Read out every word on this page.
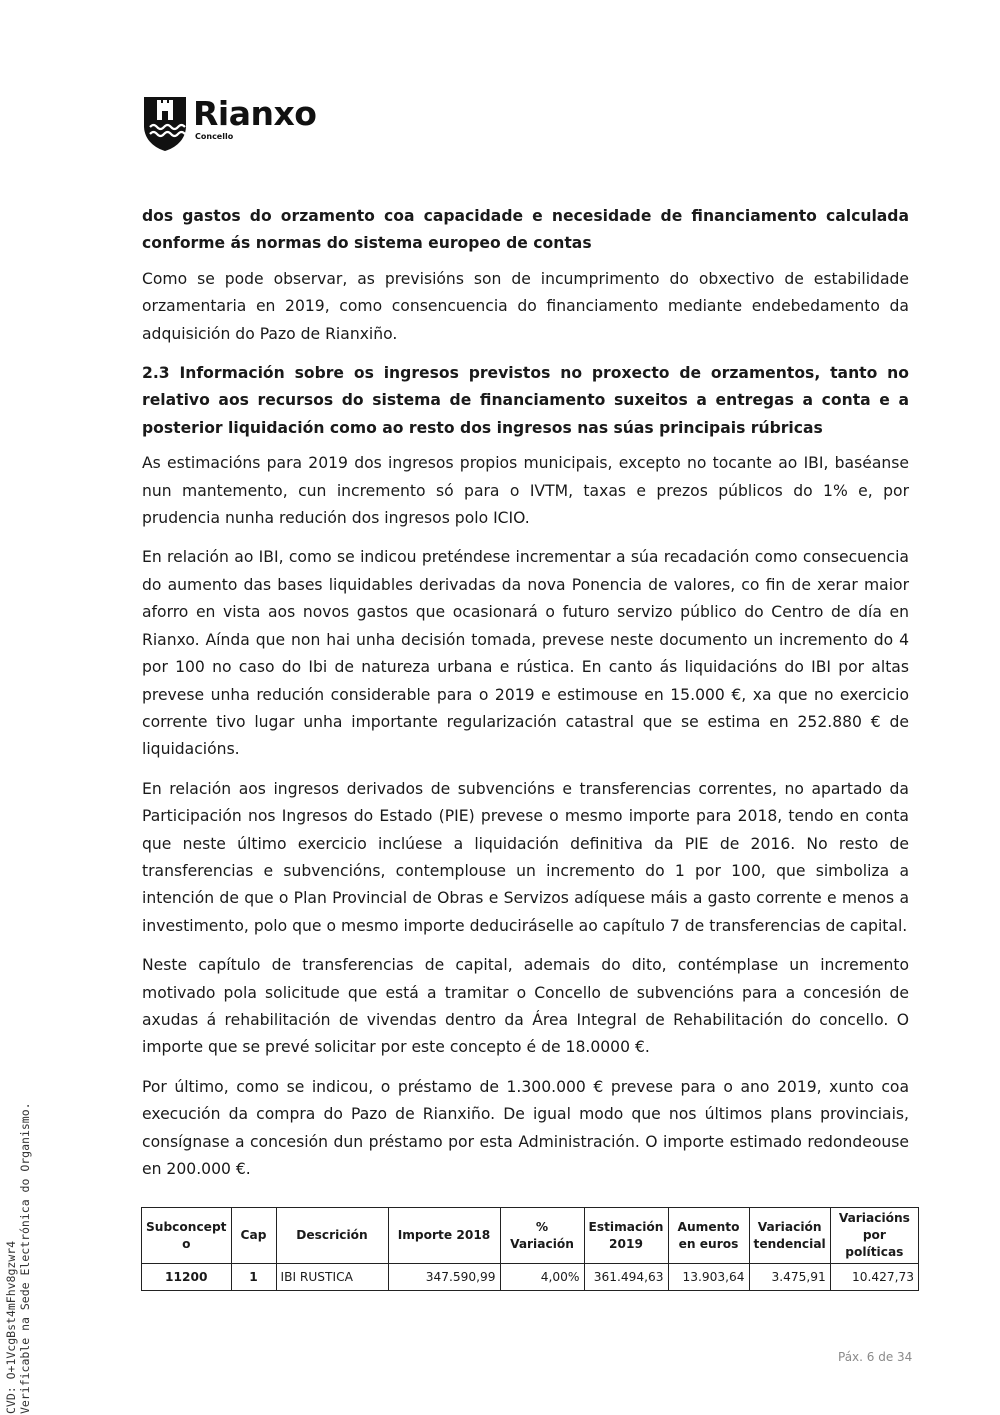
Rianxo
Concello

dos gastos do orzamento coa capacidade e necesidade de financiamento calculada conforme ás normas do sistema europeo de contas

Como se pode observar, as previsións son de incumprimento do obxectivo de estabilidade orzamentaria en 2019, como consencuencia do financiamento mediante endebedamento da adquisición do Pazo de Rianxiño.

2.3 Información sobre os ingresos previstos no proxecto de orzamentos, tanto no relativo aos recursos do sistema de financiamento suxeitos a entregas a conta e a posterior liquidación como ao resto dos ingresos nas súas principais rúbricas

As estimacións para 2019 dos ingresos propios municipais, excepto no tocante ao IBI, baséanse nun mantemento, cun incremento só para o IVTM, taxas e prezos públicos do 1% e, por prudencia nunha redución dos ingresos polo ICIO.

En relación ao IBI, como se indicou preténdese incrementar a súa recadación como consecuencia do aumento das bases liquidables derivadas da nova Ponencia de valores, co fin de xerar maior aforro en vista aos novos gastos que ocasionará o futuro servizo público do Centro de día en Rianxo. Aínda que non hai unha decisión tomada, prevese neste documento un incremento do 4 por 100 no caso do Ibi de natureza urbana e rústica. En canto ás liquidacións do IBI por altas prevese unha redución considerable para o 2019 e estimouse en 15.000 €, xa que no exercicio corrente tivo lugar unha importante regularización catastral que se estima en 252.880 € de liquidacións.

En relación aos ingresos derivados de subvencións e transferencias correntes, no apartado da Participación nos Ingresos do Estado (PIE) prevese o mesmo importe para 2018, tendo en conta que neste último exercicio inclúese a liquidación definitiva da PIE de 2016. No resto de transferencias e subvencións, contemplouse un incremento do 1 por 100, que simboliza a intención de que o Plan Provincial de Obras e Servizos adíquese máis a gasto corrente e menos a investimento, polo que o mesmo importe deduciráselle ao capítulo 7 de transferencias de capital.

Neste capítulo de transferencias de capital, ademais do dito, contémplase un incremento motivado pola solicitude que está a tramitar o Concello de subvencións para a concesión de axudas á rehabilitación de vivendas dentro da Área Integral de Rehabilitación do concello. O importe que se prevé solicitar por este concepto é de 18.0000 €.

Por último, como se indicou, o préstamo de 1.300.000 € prevese para o ano 2019, xunto coa execución da compra do Pazo de Rianxiño. De igual modo que nos últimos plans provinciais, consígnase a concesión dun préstamo por esta Administración. O importe estimado redondeouse en 200.000 €.

Subconcept o	Cap	Descrición	Importe 2018	% Variación	Estimación 2019	Aumento en euros	Variación tendencial	Variacións por políticas
11200	1	IBI RUSTICA	347.590,99	4,00%	361.494,63	13.903,64	3.475,91	10.427,73
Páx. 6 de 34
CVD: O+1VcgBst4mFhv8gzwr4 Verificable na Sede Electrónica do Organismo.
